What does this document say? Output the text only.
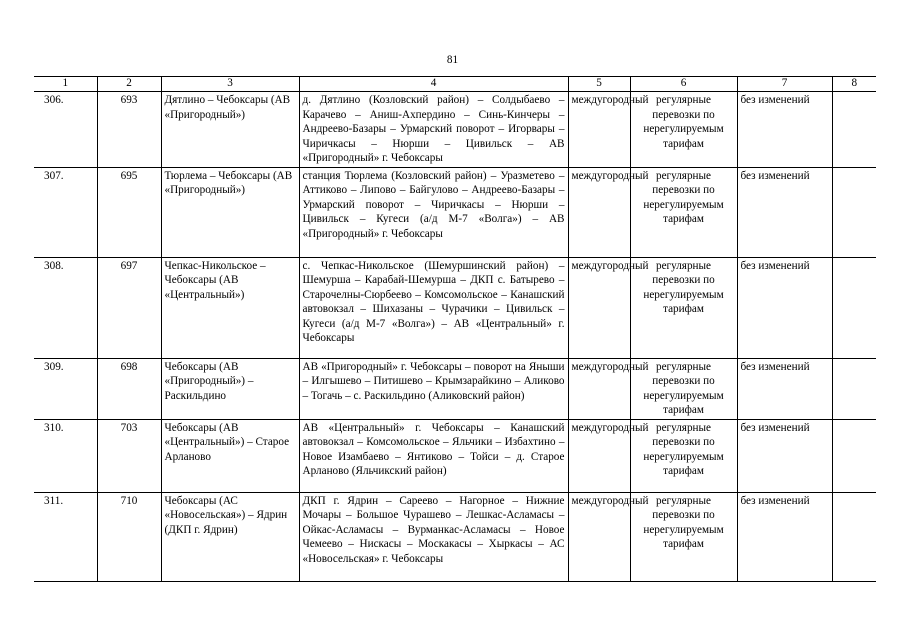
81
1	2	3	4	5	6	7	8
306.	693	Дятлино – Чебоксары (АВ «Пригородный»)	д. Дятлино (Козловский район) – Солдыбаево – Карачево – Аниш-Ахпердино – Синь-Кинчеры – Андреево-Базары – Урмарский поворот – Игорвары – Чиричкасы – Нюрши – Цивильск – АВ «Пригородный» г. Чебоксары	междугородный	регулярные перевозки по нерегулируемым тарифам	без изменений	
307.	695	Тюрлема – Чебоксары (АВ «Пригородный»)	станция Тюрлема (Козловский район) – Уразметево – Аттиково – Липово – Байгулово – Андреево-Базары – Урмарский поворот – Чиричкасы – Нюрши – Цивильск – Кугеси (а/д М-7 «Волга») – АВ «Пригородный» г. Чебоксары	междугородный	регулярные перевозки по нерегулируемым тарифам	без изменений	
308.	697	Чепкас-Никольское – Чебоксары (АВ «Центральный»)	с. Чепкас-Никольское (Шемуршинский район) – Шемурша – Карабай-Шемурша – ДКП с. Батырево – Старочелны-Сюрбеево – Комсомольское – Канашский автовокзал – Шихазаны – Чурачики – Цивильск – Кугеси (а/д М-7 «Волга») – АВ «Центральный» г. Чебоксары	междугородный	регулярные перевозки по нерегулируемым тарифам	без изменений	
309.	698	Чебоксары (АВ «Пригородный») – Раскильдино	АВ «Пригородный» г. Чебоксары – поворот на Яныши – Илгышево – Питишево – Крымзарайкино – Аликово – Тогачь – с. Раскильдино (Аликовский район)	междугородный	регулярные перевозки по нерегулируемым тарифам	без изменений	
310.	703	Чебоксары (АВ «Центральный») – Старое Арланово	АВ «Центральный» г. Чебоксары – Канашский автовокзал – Комсомольское – Яльчики – Избахтино – Новое Изамбаево – Янтиково – Тойси – д. Старое Арланово (Яльчикский район)	междугородный	регулярные перевозки по нерегулируемым тарифам	без изменений	
311.	710	Чебоксары (АС «Новосельская») – Ядрин (ДКП г. Ядрин)	ДКП г. Ядрин – Сареево – Нагорное – Нижние Мочары – Большое Чурашево – Лешкас-Асламасы – Ойкас-Асламасы – Вурманкас-Асламасы – Новое Чемеево – Нискасы – Москакасы – Хыркасы – АС «Новосельская» г. Чебоксары	междугородный	регулярные перевозки по нерегулируемым тарифам	без изменений	
